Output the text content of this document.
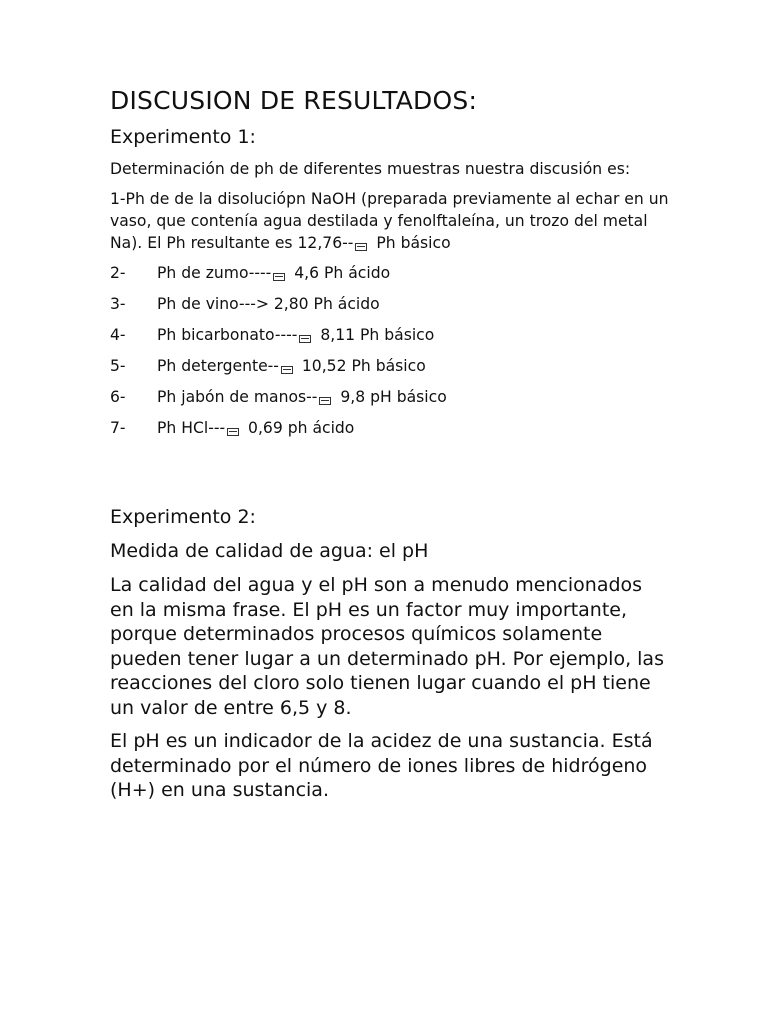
DISCUSION DE RESULTADOS:
Experimento 1:

Determinación de ph de diferentes muestras nuestra discusión es:

1-Ph de de la disoluciópn NaOH (preparada previamente al echar en un vaso, que contenía agua destilada y fenolftaleína, un trozo del metal Na). El Ph resultante es 12,76-- Ph básico

2-	Ph de zumo---- 4,6 Ph ácido
3-	Ph de vino---> 2,80 Ph ácido
4-	Ph bicarbonato---- 8,11 Ph básico
5-	Ph detergente-- 10,52 Ph básico
6-	Ph jabón de manos-- 9,8 pH básico
7-	Ph HCl--- 0,69 ph ácido
Experimento 2:
Medida de calidad de agua: el pH

La calidad del agua y el pH son a menudo mencionados en la misma frase. El pH es un factor muy importante, porque determinados procesos químicos solamente pueden tener lugar a un determinado pH. Por ejemplo, las reacciones del cloro solo tienen lugar cuando el pH tiene un valor de entre 6,5 y 8.

El pH es un indicador de la acidez de una sustancia. Está determinado por el número de iones libres de hidrógeno (H+) en una sustancia.
